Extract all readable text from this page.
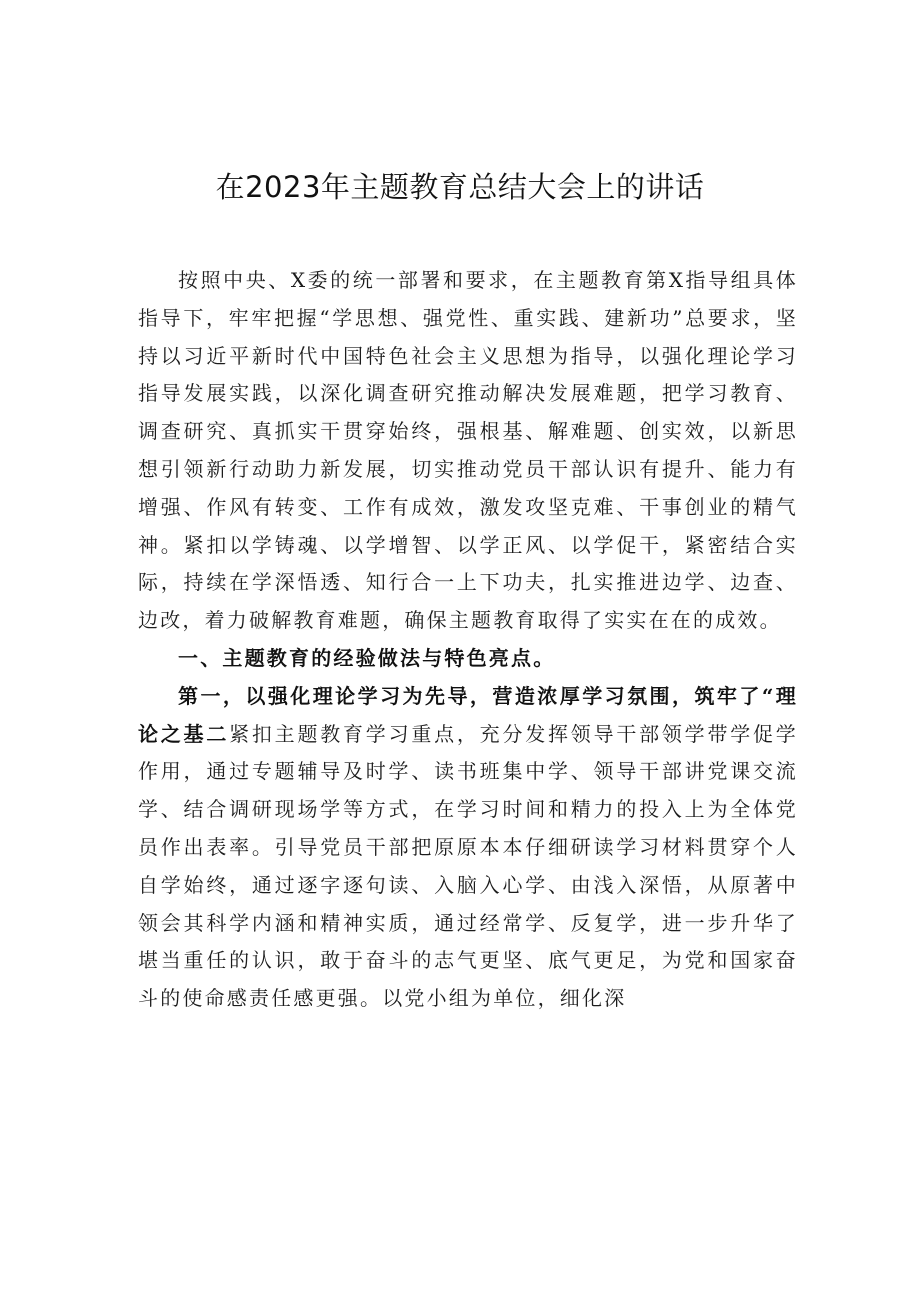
在2023年主题教育总结大会上的讲话

按照中央、X委的统一部署和要求，在主题教育第X指导组具体指导下，牢牢把握“学思想、强党性、重实践、建新功”总要求，坚持以习近平新时代中国特色社会主义思想为指导，以强化理论学习指导发展实践，以深化调查研究推动解决发展难题，把学习教育、调查研究、真抓实干贯穿始终，强根基、解难题、创实效，以新思想引领新行动助力新发展，切实推动党员干部认识有提升、能力有增强、作风有转变、工作有成效，激发攻坚克难、干事创业的精气神。紧扣以学铸魂、以学增智、以学正风、以学促干，紧密结合实际，持续在学深悟透、知行合一上下功夫，扎实推进边学、边查、边改，着力破解教育难题，确保主题教育取得了实实在在的成效。

一、主题教育的经验做法与特色亮点。

第一，以强化理论学习为先导，营造浓厚学习氛围，筑牢了“理论之基二紧扣主题教育学习重点，充分发挥领导干部领学带学促学作用，通过专题辅导及时学、读书班集中学、领导干部讲党课交流学、结合调研现场学等方式，在学习时间和精力的投入上为全体党员作出表率。引导党员干部把原原本本仔细研读学习材料贯穿个人自学始终，通过逐字逐句读、入脑入心学、由浅入深悟，从原著中领会其科学内涵和精神实质，通过经常学、反复学，进一步升华了堪当重任的认识，敢于奋斗的志气更坚、底气更足，为党和国家奋斗的使命感责任感更强。以党小组为单位，细化深
